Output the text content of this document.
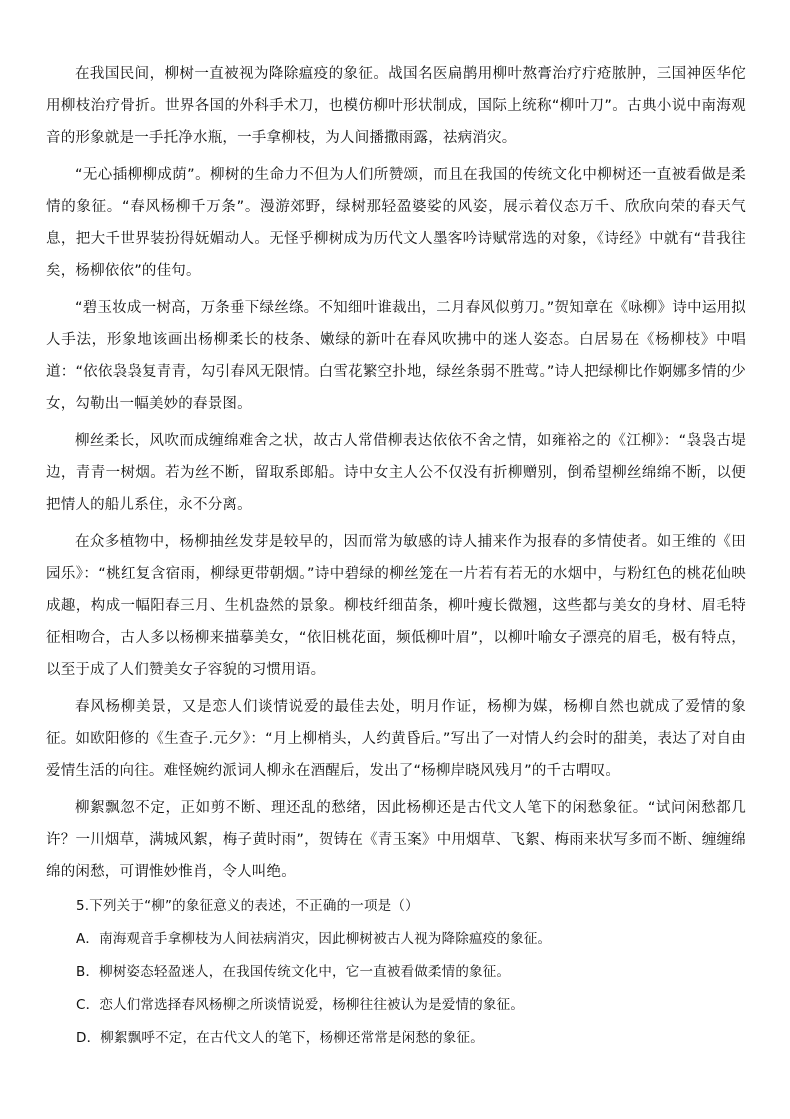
在我国民间，柳树一直被视为降除瘟疫的象征。战国名医扁鹊用柳叶熬膏治疗疔疮脓肿，三国神医华佗用柳枝治疗骨折。世界各国的外科手术刀，也模仿柳叶形状制成，国际上统称“柳叶刀”。古典小说中南海观音的形象就是一手托净水瓶，一手拿柳枝，为人间播撒雨露，祛病消灾。

“无心插柳柳成荫”。柳树的生命力不但为人们所赞颂，而且在我国的传统文化中柳树还一直被看做是柔情的象征。“春风杨柳千万条”。漫游郊野，绿树那轻盈婆娑的风姿，展示着仪态万千、欣欣向荣的春天气息，把大千世界装扮得妩媚动人。无怪乎柳树成为历代文人墨客吟诗赋常选的对象，《诗经》中就有“昔我往矣，杨柳依依”的佳句。

“碧玉妆成一树高，万条垂下绿丝绦。不知细叶谁裁出，二月春风似剪刀。”贺知章在《咏柳》诗中运用拟人手法，形象地该画出杨柳柔长的枝条、嫩绿的新叶在春风吹拂中的迷人姿态。白居易在《杨柳枝》中唱道：“依依袅袅复青青，勾引春风无限情。白雪花繁空扑地，绿丝条弱不胜莺。”诗人把绿柳比作婀娜多情的少女，勾勒出一幅美妙的春景图。

柳丝柔长，风吹而成缠绵难舍之状，故古人常借柳表达依依不舍之情，如雍裕之的《江柳》：“袅袅古堤边，青青一树烟。若为丝不断，留取系郎船。诗中女主人公不仅没有折柳赠别，倒希望柳丝绵绵不断，以便把情人的船儿系住，永不分离。

在众多植物中，杨柳抽丝发芽是较早的，因而常为敏感的诗人捕来作为报春的多情使者。如王维的《田园乐》：“桃红复含宿雨，柳绿更带朝烟。”诗中碧绿的柳丝笼在一片若有若无的水烟中，与粉红色的桃花仙映成趣，构成一幅阳春三月、生机盎然的景象。柳枝纤细苗条，柳叶瘦长微翘，这些都与美女的身材、眉毛特征相吻合，古人多以杨柳来描摹美女，“依旧桃花面，频低柳叶眉”，以柳叶喻女子漂亮的眉毛，极有特点，以至于成了人们赞美女子容貌的习惯用语。

春风杨柳美景，又是恋人们谈情说爱的最佳去处，明月作证，杨柳为媒，杨柳自然也就成了爱情的象征。如欧阳修的《生查子.元夕》：“月上柳梢头，人约黄昏后。”写出了一对情人约会时的甜美，表达了对自由爱情生活的向往。难怪婉约派词人柳永在酒醒后，发出了“杨柳岸晓风残月”的千古喟叹。

柳絮飘忽不定，正如剪不断、理还乱的愁绪，因此杨柳还是古代文人笔下的闲愁象征。“试问闲愁都几许？一川烟草，满城风絮，梅子黄时雨”，贺铸在《青玉案》中用烟草、飞絮、梅雨来状写多而不断、缠缠绵绵的闲愁，可谓惟妙惟肖，令人叫绝。

5.下列关于“柳”的象征意义的表述，不正确的一项是（）

A．南海观音手拿柳枝为人间祛病消灾，因此柳树被古人视为降除瘟疫的象征。

B．柳树姿态轻盈迷人，在我国传统文化中，它一直被看做柔情的象征。

C．恋人们常选择春风杨柳之所谈情说爱，杨柳往往被认为是爱情的象征。

D．柳絮飘呼不定，在古代文人的笔下，杨柳还常常是闲愁的象征。
